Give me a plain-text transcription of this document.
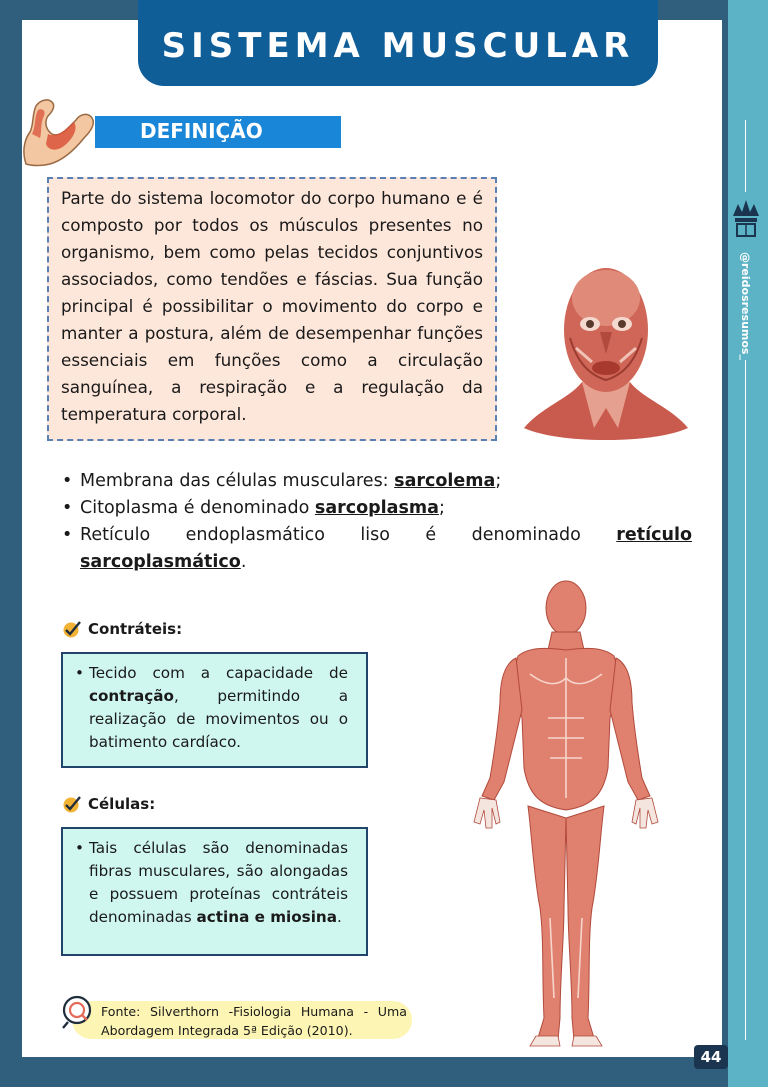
SISTEMA MUSCULAR
DEFINIÇÃO
Parte do sistema locomotor do corpo humano e é composto por todos os músculos presentes no organismo, bem como pelas tecidos conjuntivos associados, como tendões e fáscias. Sua função principal é possibilitar o movimento do corpo e manter a postura, além de desempenhar funções essenciais em funções como a circulação sanguínea, a respiração e a regulação da temperatura corporal.
• Membrana das células musculares: sarcolema;
• Citoplasma é denominado sarcoplasma;
• Retículo endoplasmático liso é denominado retículo sarcoplasmático.
Contráteis:
• Tecido com a capacidade de contração, permitindo a realização de movimentos ou o batimento cardíaco.
Células:
• Tais células são denominadas fibras musculares, são alongadas e possuem proteínas contráteis denominadas actina e miosina.
Fonte: Silverthorn -Fisiologia Humana - Uma Abordagem Integrada 5ª Edição (2010).
@reidosresumos_
44
